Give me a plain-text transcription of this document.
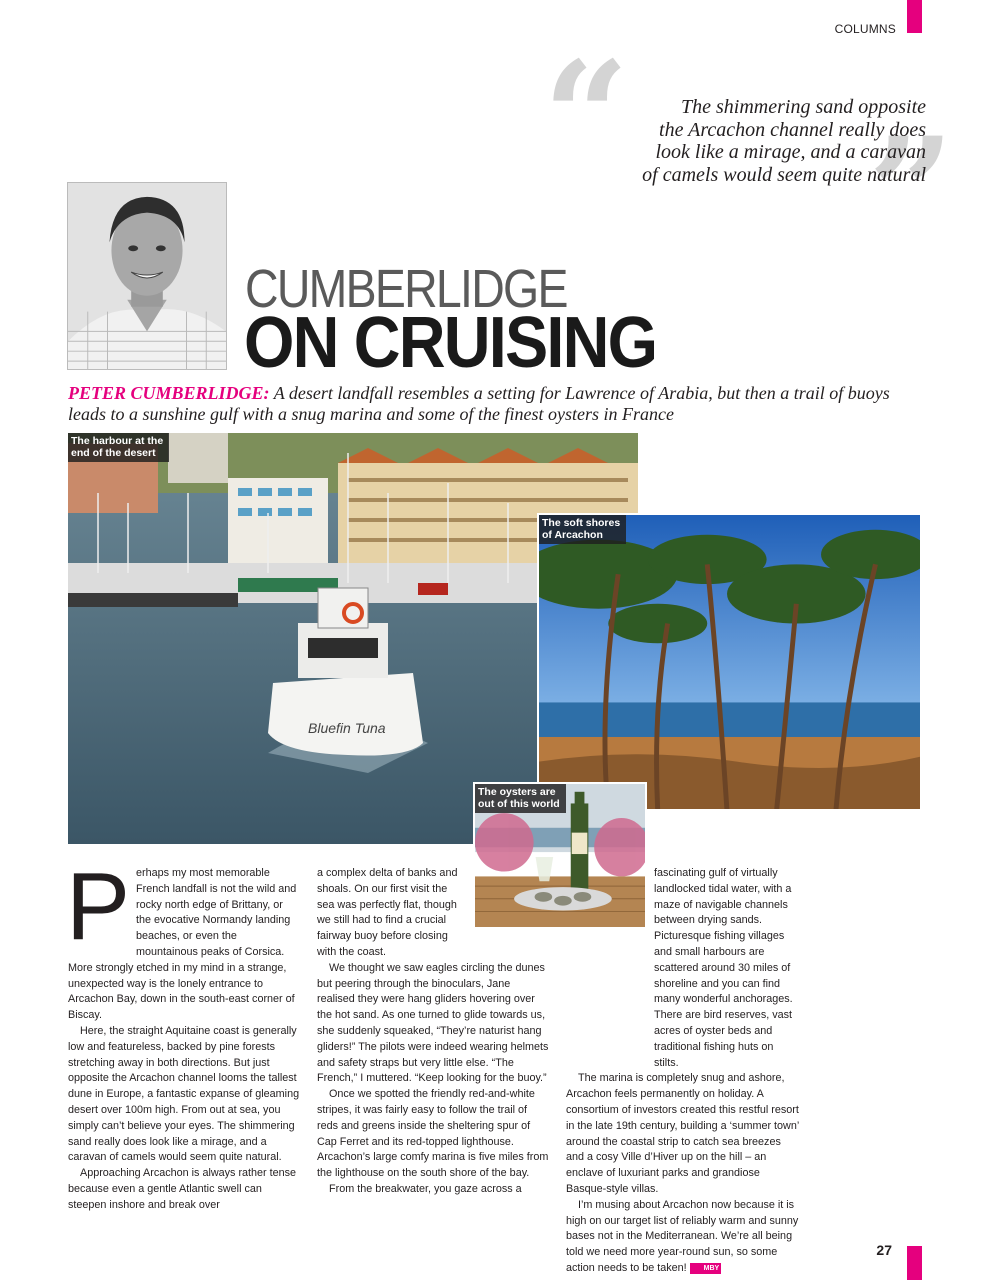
COLUMNS
“ ”
The shimmering sand opposite
the Arcachon channel really does
look like a mirage, and a caravan
of camels would seem quite natural
CUMBERLIDGE
ON CRUISING
PETER CUMBERLIDGE: A desert landfall resembles a setting for Lawrence of Arabia, but then a trail of buoys leads to a sunshine gulf with a snug marina and some of the finest oysters in France
Bluefin Tuna
The harbour at the
end of the desert
The soft shores
of Arcachon
The oysters are
out of this world

Perhaps my most memorable French landfall is not the wild and rocky north edge of Brittany, or the evocative Normandy landing beaches, or even the mountainous peaks of Corsica. More strongly etched in my mind in a strange, unexpected way is the lonely entrance to Arcachon Bay, down in the south-east corner of Biscay.

Here, the straight Aquitaine coast is generally low and featureless, backed by pine forests stretching away in both directions. But just opposite the Arcachon channel looms the tallest dune in Europe, a fantastic expanse of gleaming desert over 100m high. From out at sea, you simply can’t believe your eyes. The shimmering sand really does look like a mirage, and a caravan of camels would seem quite natural.

Approaching Arcachon is always rather tense because even a gentle Atlantic swell can steepen inshore and break over

a complex delta of banks and shoals. On our first visit the sea was perfectly flat, though we still had to find a crucial fairway buoy before closing with the coast.

We thought we saw eagles circling the dunes but peering through the binoculars, Jane realised they were hang gliders hovering over the hot sand. As one turned to glide towards us, she suddenly squeaked, “They’re naturist hang gliders!” The pilots were indeed wearing helmets and safety straps but very little else. “The French,” I muttered. “Keep looking for the buoy.”

Once we spotted the friendly red-and-white stripes, it was fairly easy to follow the trail of reds and greens inside the sheltering spur of Cap Ferret and its red-topped lighthouse. Arcachon’s large comfy marina is five miles from the lighthouse on the south shore of the bay.

From the breakwater, you gaze across a

fascinating gulf of virtually landlocked tidal water, with a maze of navigable channels between drying sands. Picturesque fishing villages and small harbours are scattered around 30 miles of shoreline and you can find many wonderful anchorages. There are bird reserves, vast acres of oyster beds and traditional fishing huts on stilts.

The marina is completely snug and ashore, Arcachon feels permanently on holiday. A consortium of investors created this restful resort in the late 19th century, building a ‘summer town’ around the coastal strip to catch sea breezes and a cosy Ville d’Hiver up on the hill – an enclave of luxuriant parks and grandiose Basque-style villas.

I’m musing about Arcachon now because it is high on our target list of reliably warm and sunny bases not in the Mediterranean. We’re all being told we need more year-round sun, so some action needs to be taken! MBY

27
